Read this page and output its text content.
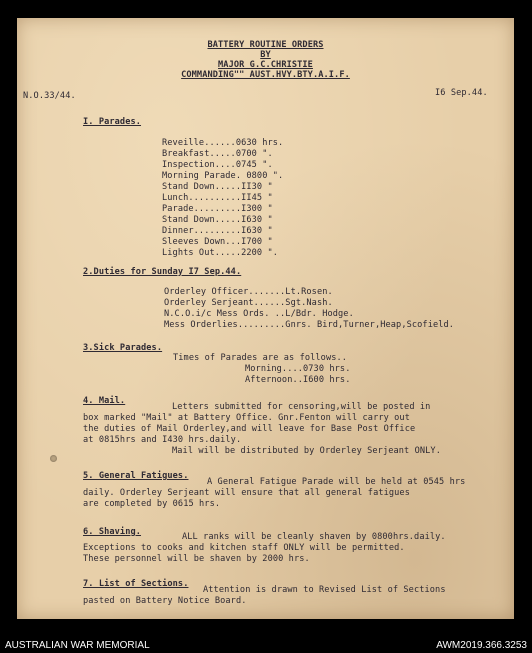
BATTERY ROUTINE ORDERS
BY
MAJOR G.C.CHRISTIE
COMMANDING"" AUST.HVY.BTY.A.I.F.
N.O.33/44.	I6 Sep.44.
I. Parades.
Reveille......0630 hrs.
Breakfast.....0700 ".
Inspection....0745 ".
Morning Parade. 0800 ".
Stand Down.....II30 "
Lunch..........II45 "
Parade.........I300 "
Stand Down.....I630 "
Dinner.........I630 "
Sleeves Down...I700 "
Lights Out.....2200 ".
2.Duties for Sunday I7 Sep.44.
Orderley Officer.......Lt.Rosen.
Orderley Serjeant......Sgt.Nash.
N.C.O.i/c Mess Ords. ..L/Bdr. Hodge.
Mess Orderlies.........Gnrs. Bird,Turner,Heap,Scofield.
3.Sick Parades.
Times of Parades are as follows..
Morning....0730 hrs.
Afternoon..I600 hrs.
4. Mail.
Letters submitted for censoring,will be posted in
box marked "Mail" at Battery Office. Gnr.Fenton will carry out
the duties of Mail Orderley,and will leave for Base Post Office
at 0815hrs and I430 hrs.daily.
Mail will be distributed by Orderley Serjeant ONLY.
5. General Fatigues.
A General Fatigue Parade will be held at 0545 hrs
daily. Orderley Serjeant will ensure that all general fatigues
are completed by 0615 hrs.
6. Shaving.	ALL ranks will be cleanly shaven by 0800hrs.daily.
Exceptions to cooks and kitchen staff ONLY will be permitted.
These personnel will be shaven by 2000 hrs.
7. List of Sections.
Attention is drawn to Revised List of Sections
pasted on Battery Notice Board.
AUSTRALIAN WAR MEMORIAL	AWM2019.366.3253
